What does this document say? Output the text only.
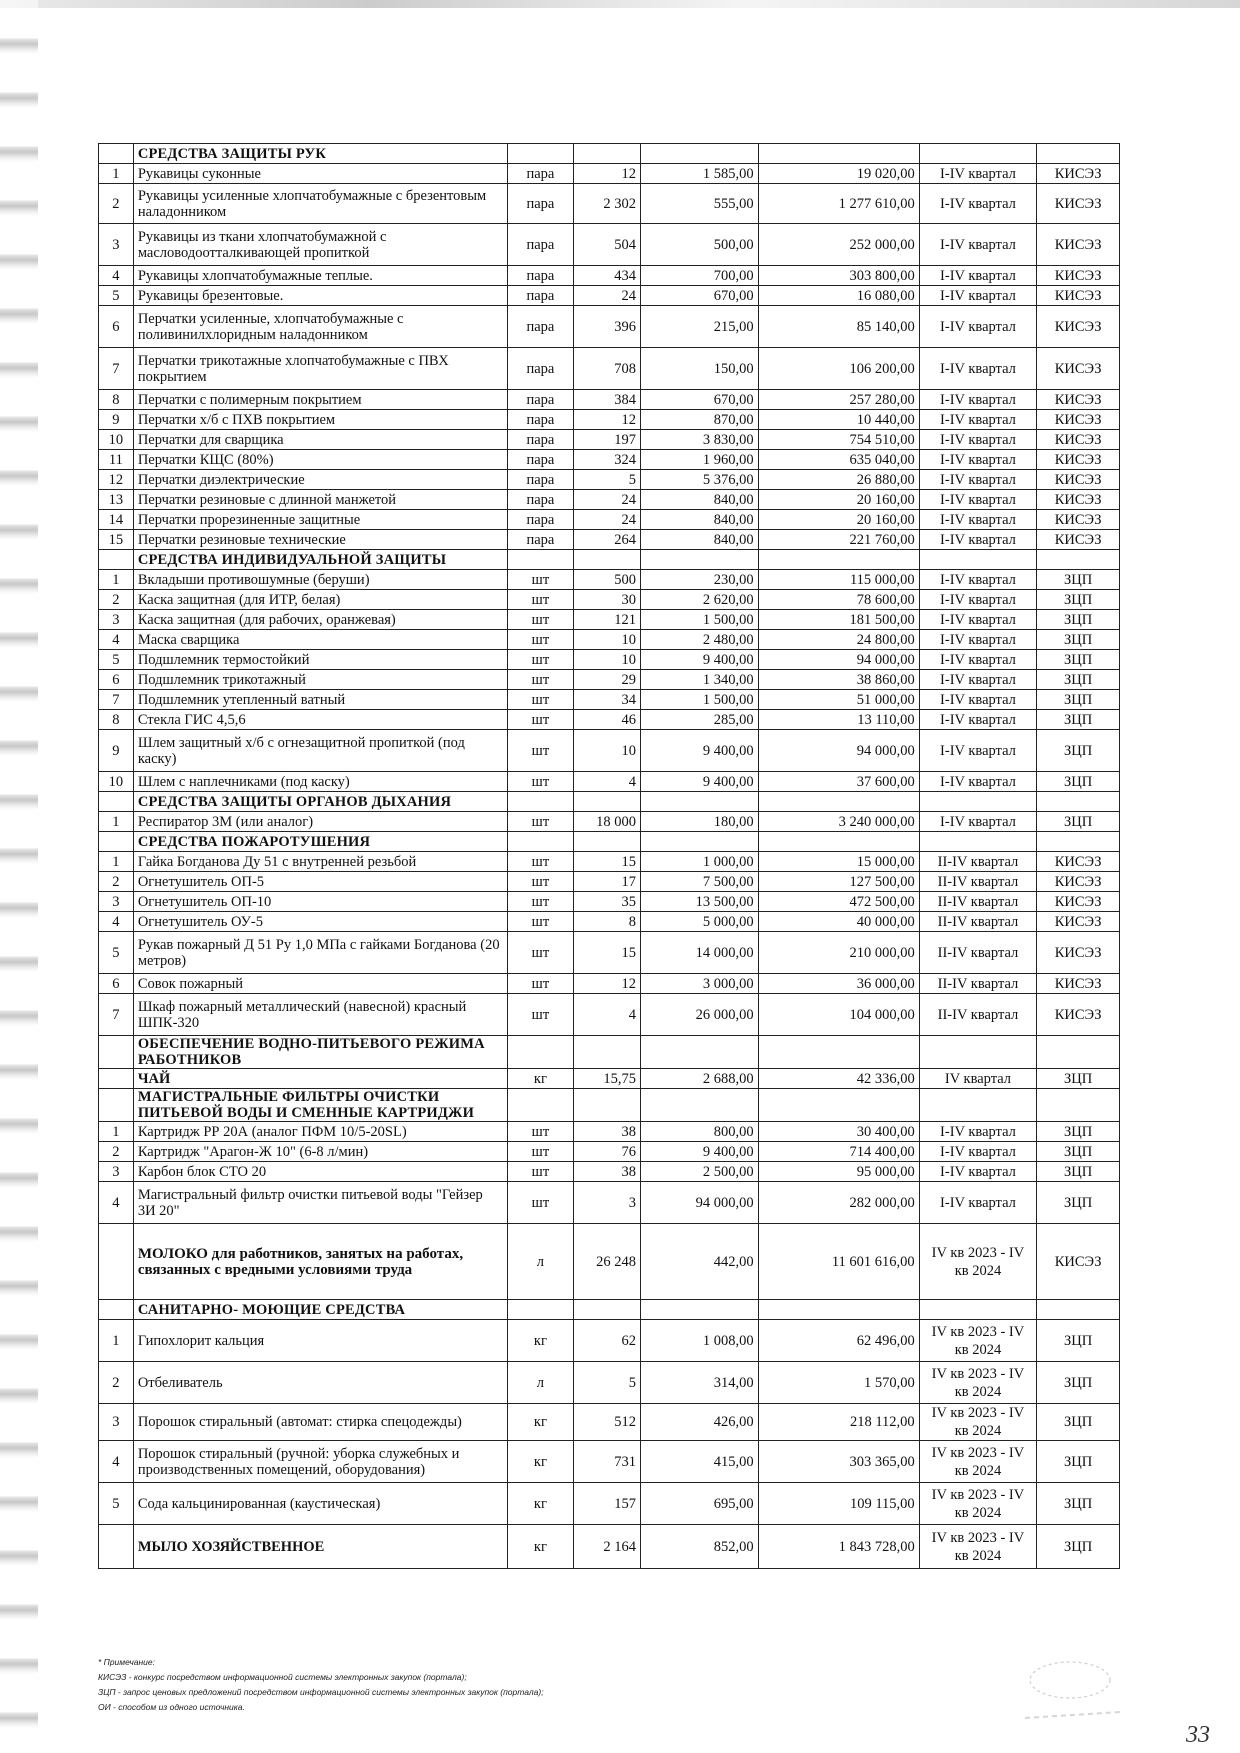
	СРЕДСТВА ЗАЩИТЫ РУК						
1	Рукавицы суконные	пара	12	1 585,00	19 020,00	I-IV квартал	КИСЭЗ
2	Рукавицы усиленные хлопчатобумажные с брезентовым наладонником	пара	2 302	555,00	1 277 610,00	I-IV квартал	КИСЭЗ
3	Рукавицы из ткани хлопчатобумажной с масловодоотталкивающей пропиткой	пара	504	500,00	252 000,00	I-IV квартал	КИСЭЗ
4	Рукавицы хлопчатобумажные теплые.	пара	434	700,00	303 800,00	I-IV квартал	КИСЭЗ
5	Рукавицы брезентовые.	пара	24	670,00	16 080,00	I-IV квартал	КИСЭЗ
6	Перчатки усиленные, хлопчатобумажные с поливинилхлоридным наладонником	пара	396	215,00	85 140,00	I-IV квартал	КИСЭЗ
7	Перчатки трикотажные хлопчатобумажные с ПВХ покрытием	пара	708	150,00	106 200,00	I-IV квартал	КИСЭЗ
8	Перчатки с полимерным покрытием	пара	384	670,00	257 280,00	I-IV квартал	КИСЭЗ
9	Перчатки х/б с ПХВ покрытием	пара	12	870,00	10 440,00	I-IV квартал	КИСЭЗ
10	Перчатки для сварщика	пара	197	3 830,00	754 510,00	I-IV квартал	КИСЭЗ
11	Перчатки КЩС (80%)	пара	324	1 960,00	635 040,00	I-IV квартал	КИСЭЗ
12	Перчатки диэлектрические	пара	5	5 376,00	26 880,00	I-IV квартал	КИСЭЗ
13	Перчатки резиновые с длинной манжетой	пара	24	840,00	20 160,00	I-IV квартал	КИСЭЗ
14	Перчатки прорезиненные защитные	пара	24	840,00	20 160,00	I-IV квартал	КИСЭЗ
15	Перчатки резиновые технические	пара	264	840,00	221 760,00	I-IV квартал	КИСЭЗ
	СРЕДСТВА ИНДИВИДУАЛЬНОЙ ЗАЩИТЫ						
1	Вкладыши противошумные (беруши)	шт	500	230,00	115 000,00	I-IV квартал	ЗЦП
2	Каска защитная (для ИТР, белая)	шт	30	2 620,00	78 600,00	I-IV квартал	ЗЦП
3	Каска защитная (для рабочих, оранжевая)	шт	121	1 500,00	181 500,00	I-IV квартал	ЗЦП
4	Маска сварщика	шт	10	2 480,00	24 800,00	I-IV квартал	ЗЦП
5	Подшлемник термостойкий	шт	10	9 400,00	94 000,00	I-IV квартал	ЗЦП
6	Подшлемник трикотажный	шт	29	1 340,00	38 860,00	I-IV квартал	ЗЦП
7	Подшлемник утепленный ватный	шт	34	1 500,00	51 000,00	I-IV квартал	ЗЦП
8	Стекла ГИС 4,5,6	шт	46	285,00	13 110,00	I-IV квартал	ЗЦП
9	Шлем защитный х/б с огнезащитной пропиткой (под каску)	шт	10	9 400,00	94 000,00	I-IV квартал	ЗЦП
10	Шлем с наплечниками (под каску)	шт	4	9 400,00	37 600,00	I-IV квартал	ЗЦП
	СРЕДСТВА ЗАЩИТЫ ОРГАНОВ ДЫХАНИЯ						
1	Респиратор 3М (или аналог)	шт	18 000	180,00	3 240 000,00	I-IV квартал	ЗЦП
	СРЕДСТВА ПОЖАРОТУШЕНИЯ						
1	Гайка Богданова Ду 51 с внутренней резьбой	шт	15	1 000,00	15 000,00	II-IV квартал	КИСЭЗ
2	Огнетушитель ОП-5	шт	17	7 500,00	127 500,00	II-IV квартал	КИСЭЗ
3	Огнетушитель ОП-10	шт	35	13 500,00	472 500,00	II-IV квартал	КИСЭЗ
4	Огнетушитель ОУ-5	шт	8	5 000,00	40 000,00	II-IV квартал	КИСЭЗ
5	Рукав пожарный Д 51 Ру 1,0 МПа с гайками Богданова (20 метров)	шт	15	14 000,00	210 000,00	II-IV квартал	КИСЭЗ
6	Совок пожарный	шт	12	3 000,00	36 000,00	II-IV квартал	КИСЭЗ
7	Шкаф пожарный металлический (навесной) красный ШПК-320	шт	4	26 000,00	104 000,00	II-IV квартал	КИСЭЗ
	ОБЕСПЕЧЕНИЕ ВОДНО-ПИТЬЕВОГО РЕЖИМА РАБОТНИКОВ						
	ЧАЙ	кг	15,75	2 688,00	42 336,00	IV квартал	ЗЦП
	МАГИСТРАЛЬНЫЕ ФИЛЬТРЫ ОЧИСТКИ ПИТЬЕВОЙ ВОДЫ И СМЕННЫЕ КАРТРИДЖИ						
1	Картридж РР 20А (аналог ПФМ 10/5-20SL)	шт	38	800,00	30 400,00	I-IV квартал	ЗЦП
2	Картридж "Арагон-Ж 10" (6-8 л/мин)	шт	76	9 400,00	714 400,00	I-IV квартал	ЗЦП
3	Карбон блок СТО 20	шт	38	2 500,00	95 000,00	I-IV квартал	ЗЦП
4	Магистральный фильтр очистки питьевой воды "Гейзер 3И 20"	шт	3	94 000,00	282 000,00	I-IV квартал	ЗЦП
	МОЛОКО для работников, занятых на работах, связанных с вредными условиями труда	л	26 248	442,00	11 601 616,00	IV кв 2023 - IV кв 2024	КИСЭЗ
	САНИТАРНО- МОЮЩИЕ СРЕДСТВА						
1	Гипохлорит кальция	кг	62	1 008,00	62 496,00	IV кв 2023 - IV кв 2024	ЗЦП
2	Отбеливатель	л	5	314,00	1 570,00	IV кв 2023 - IV кв 2024	ЗЦП
3	Порошок стиральный (автомат: стирка спецодежды)	кг	512	426,00	218 112,00	IV кв 2023 - IV кв 2024	ЗЦП
4	Порошок стиральный (ручной: уборка служебных и производственных помещений, оборудования)	кг	731	415,00	303 365,00	IV кв 2023 - IV кв 2024	ЗЦП
5	Сода кальцинированная (каустическая)	кг	157	695,00	109 115,00	IV кв 2023 - IV кв 2024	ЗЦП
	МЫЛО ХОЗЯЙСТВЕННОЕ	кг	2 164	852,00	1 843 728,00	IV кв 2023 - IV кв 2024	ЗЦП
* Примечание:
КИСЭЗ - конкурс посредством информационной системы электронных закупок (портала);
ЗЦП - запрос ценовых предложений посредством информационной системы электронных закупок (портала);
ОИ - способом из одного источника.
33
